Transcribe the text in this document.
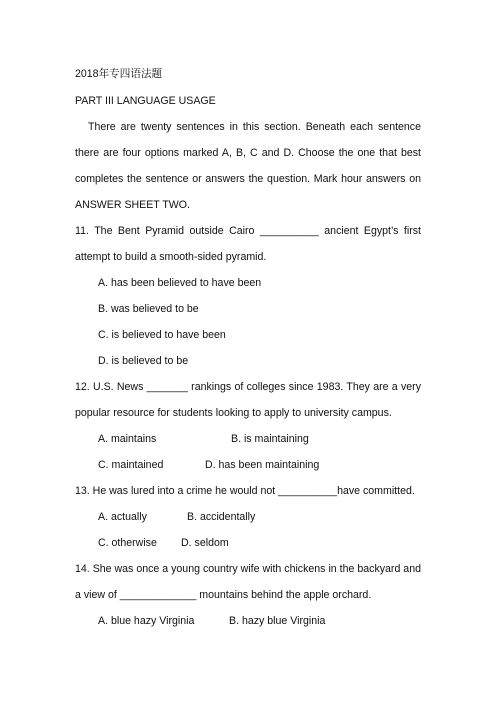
2018年专四语法题
PART III LANGUAGE USAGE
There are twenty sentences in this section. Beneath each sentence
there are four options marked A, B, C and D. Choose the one that best
completes the sentence or answers the question. Mark hour answers on
ANSWER SHEET TWO.
11. The Bent Pyramid outside Cairo __________ ancient Egypt’s first
attempt to build a smooth-sided pyramid.
A. has been believed to have been
B. was believed to be
C. is believed to have been
D. is believed to be
12. U.S. News _______ rankings of colleges since 1983. They are a very
popular resource for students looking to apply to university campus.
A. maintains	B. is maintaining
C. maintained	D. has been maintaining
13. He was lured into a crime he would not __________have committed.
A. actually	B. accidentally
C. otherwise D. seldom
14. She was once a young country wife with chickens in the backyard and
a view of _____________ mountains behind the apple orchard.
A. blue hazy Virginia	B. hazy blue Virginia
